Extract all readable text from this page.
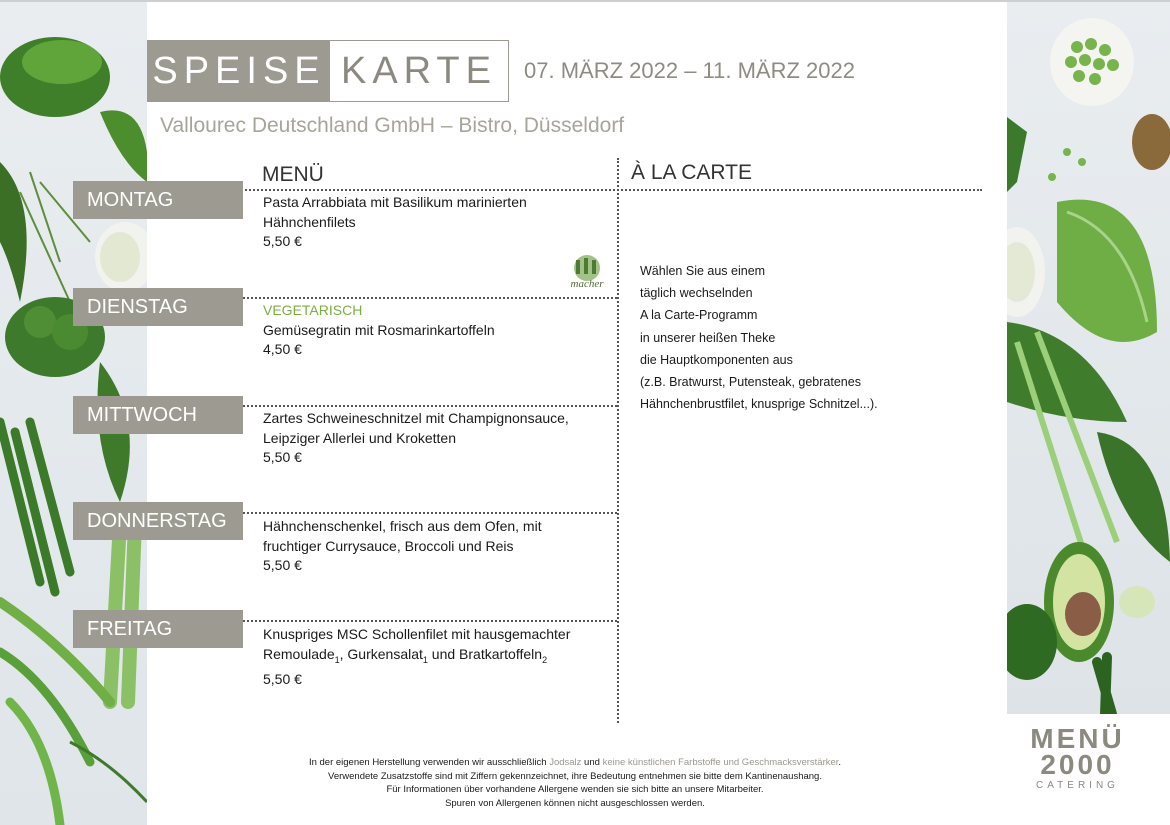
SPEISE KARTE	07. MÄRZ 2022 – 11. MÄRZ 2022
Vallourec Deutschland GmbH – Bistro, Düsseldorf
MENÜ	À LA CARTE
MONTAG
DIENSTAG
MITTWOCH
DONNERSTAG
FREITAG
Pasta Arrabbiata mit Basilikum marinierten
Hähnchenfilets
5,50 €
VEGETARISCH
Gemüsegratin mit Rosmarinkartoffeln
4,50 €
Zartes Schweineschnitzel mit Champignonsauce,
Leipziger Allerlei und Kroketten
5,50 €
Hähnchenschenkel, frisch aus dem Ofen, mit
fruchtiger Currysauce, Broccoli und Reis
5,50 €
Knuspriges MSC Schollenfilet mit hausgemachter
Remoulade$_1$, Gurkensalat$_1$ und Bratkartoffeln$_2$
5,50 €
macher
Wählen Sie aus einem
täglich wechselnden
A la Carte-Programm
in unserer heißen Theke
die Hauptkomponenten aus
(z.B. Bratwurst, Putensteak, gebratenes
Hähnchenbrustfilet, knusprige Schnitzel...).
In der eigenen Herstellung verwenden wir ausschließlich Jodsalz und keine künstlichen Farbstoffe und Geschmacksverstärker.
Verwendete Zusatzstoffe sind mit Ziffern gekennzeichnet, ihre Bedeutung entnehmen sie bitte dem Kantinenaushang.
Für Informationen über vorhandene Allergene wenden sie sich bitte an unsere Mitarbeiter.
Spuren von Allergenen können nicht ausgeschlossen werden.
MENÜ
2000
CATERING
